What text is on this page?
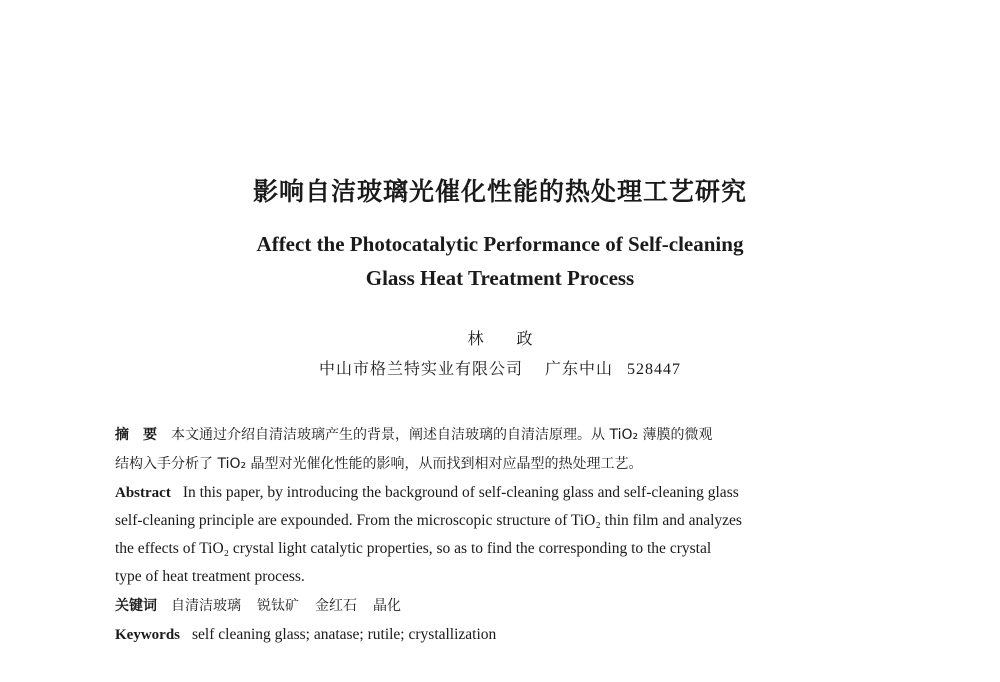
影响自洁玻璃光催化性能的热处理工艺研究
Affect the Photocatalytic Performance of Self-cleaning
Glass Heat Treatment Process
林 政
中山市格兰特实业有限公司 广东中山 528447
摘　要 本文通过介绍自清洁玻璃产生的背景，阐述自洁玻璃的自清洁原理。从 TiO₂ 薄膜的微观
结构入手分析了 TiO₂ 晶型对光催化性能的影响，从而找到相对应晶型的热处理工艺。
Abstract In this paper, by introducing the background of self-cleaning glass and self-cleaning glass
self-cleaning principle are expounded. From the microscopic structure of TiO₂ thin film and analyzes
the effects of TiO₂ crystal light catalytic properties, so as to find the corresponding to the crystal
type of heat treatment process.
关键词 自清洁玻璃 锐钛矿 金红石 晶化
Keywords self cleaning glass; anatase; rutile; crystallization
